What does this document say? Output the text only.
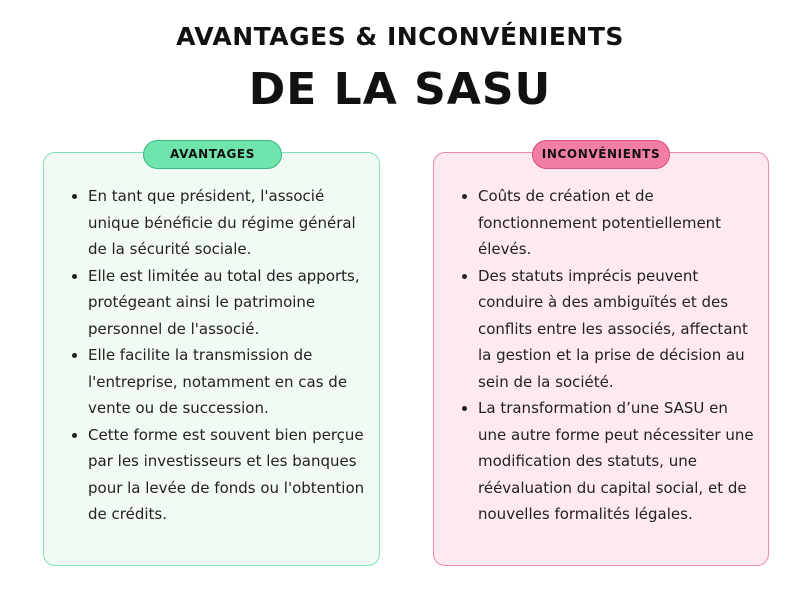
AVANTAGES & INCONVÉNIENTS
DE LA SASU
AVANTAGES
• En tant que président, l'associé unique bénéficie du régime général de la sécurité sociale.
• Elle est limitée au total des apports, protégeant ainsi le patrimoine personnel de l'associé.
• Elle facilite la transmission de l'entreprise, notamment en cas de vente ou de succession.
• Cette forme est souvent bien perçue par les investisseurs et les banques pour la levée de fonds ou l'obtention de crédits.
INCONVÉNIENTS
• Coûts de création et de fonctionnement potentiellement élevés.
• Des statuts imprécis peuvent conduire à des ambiguïtés et des conflits entre les associés, affectant la gestion et la prise de décision au sein de la société.
• La transformation d’une SASU en une autre forme peut nécessiter une modification des statuts, une réévaluation du capital social, et de nouvelles formalités légales.
